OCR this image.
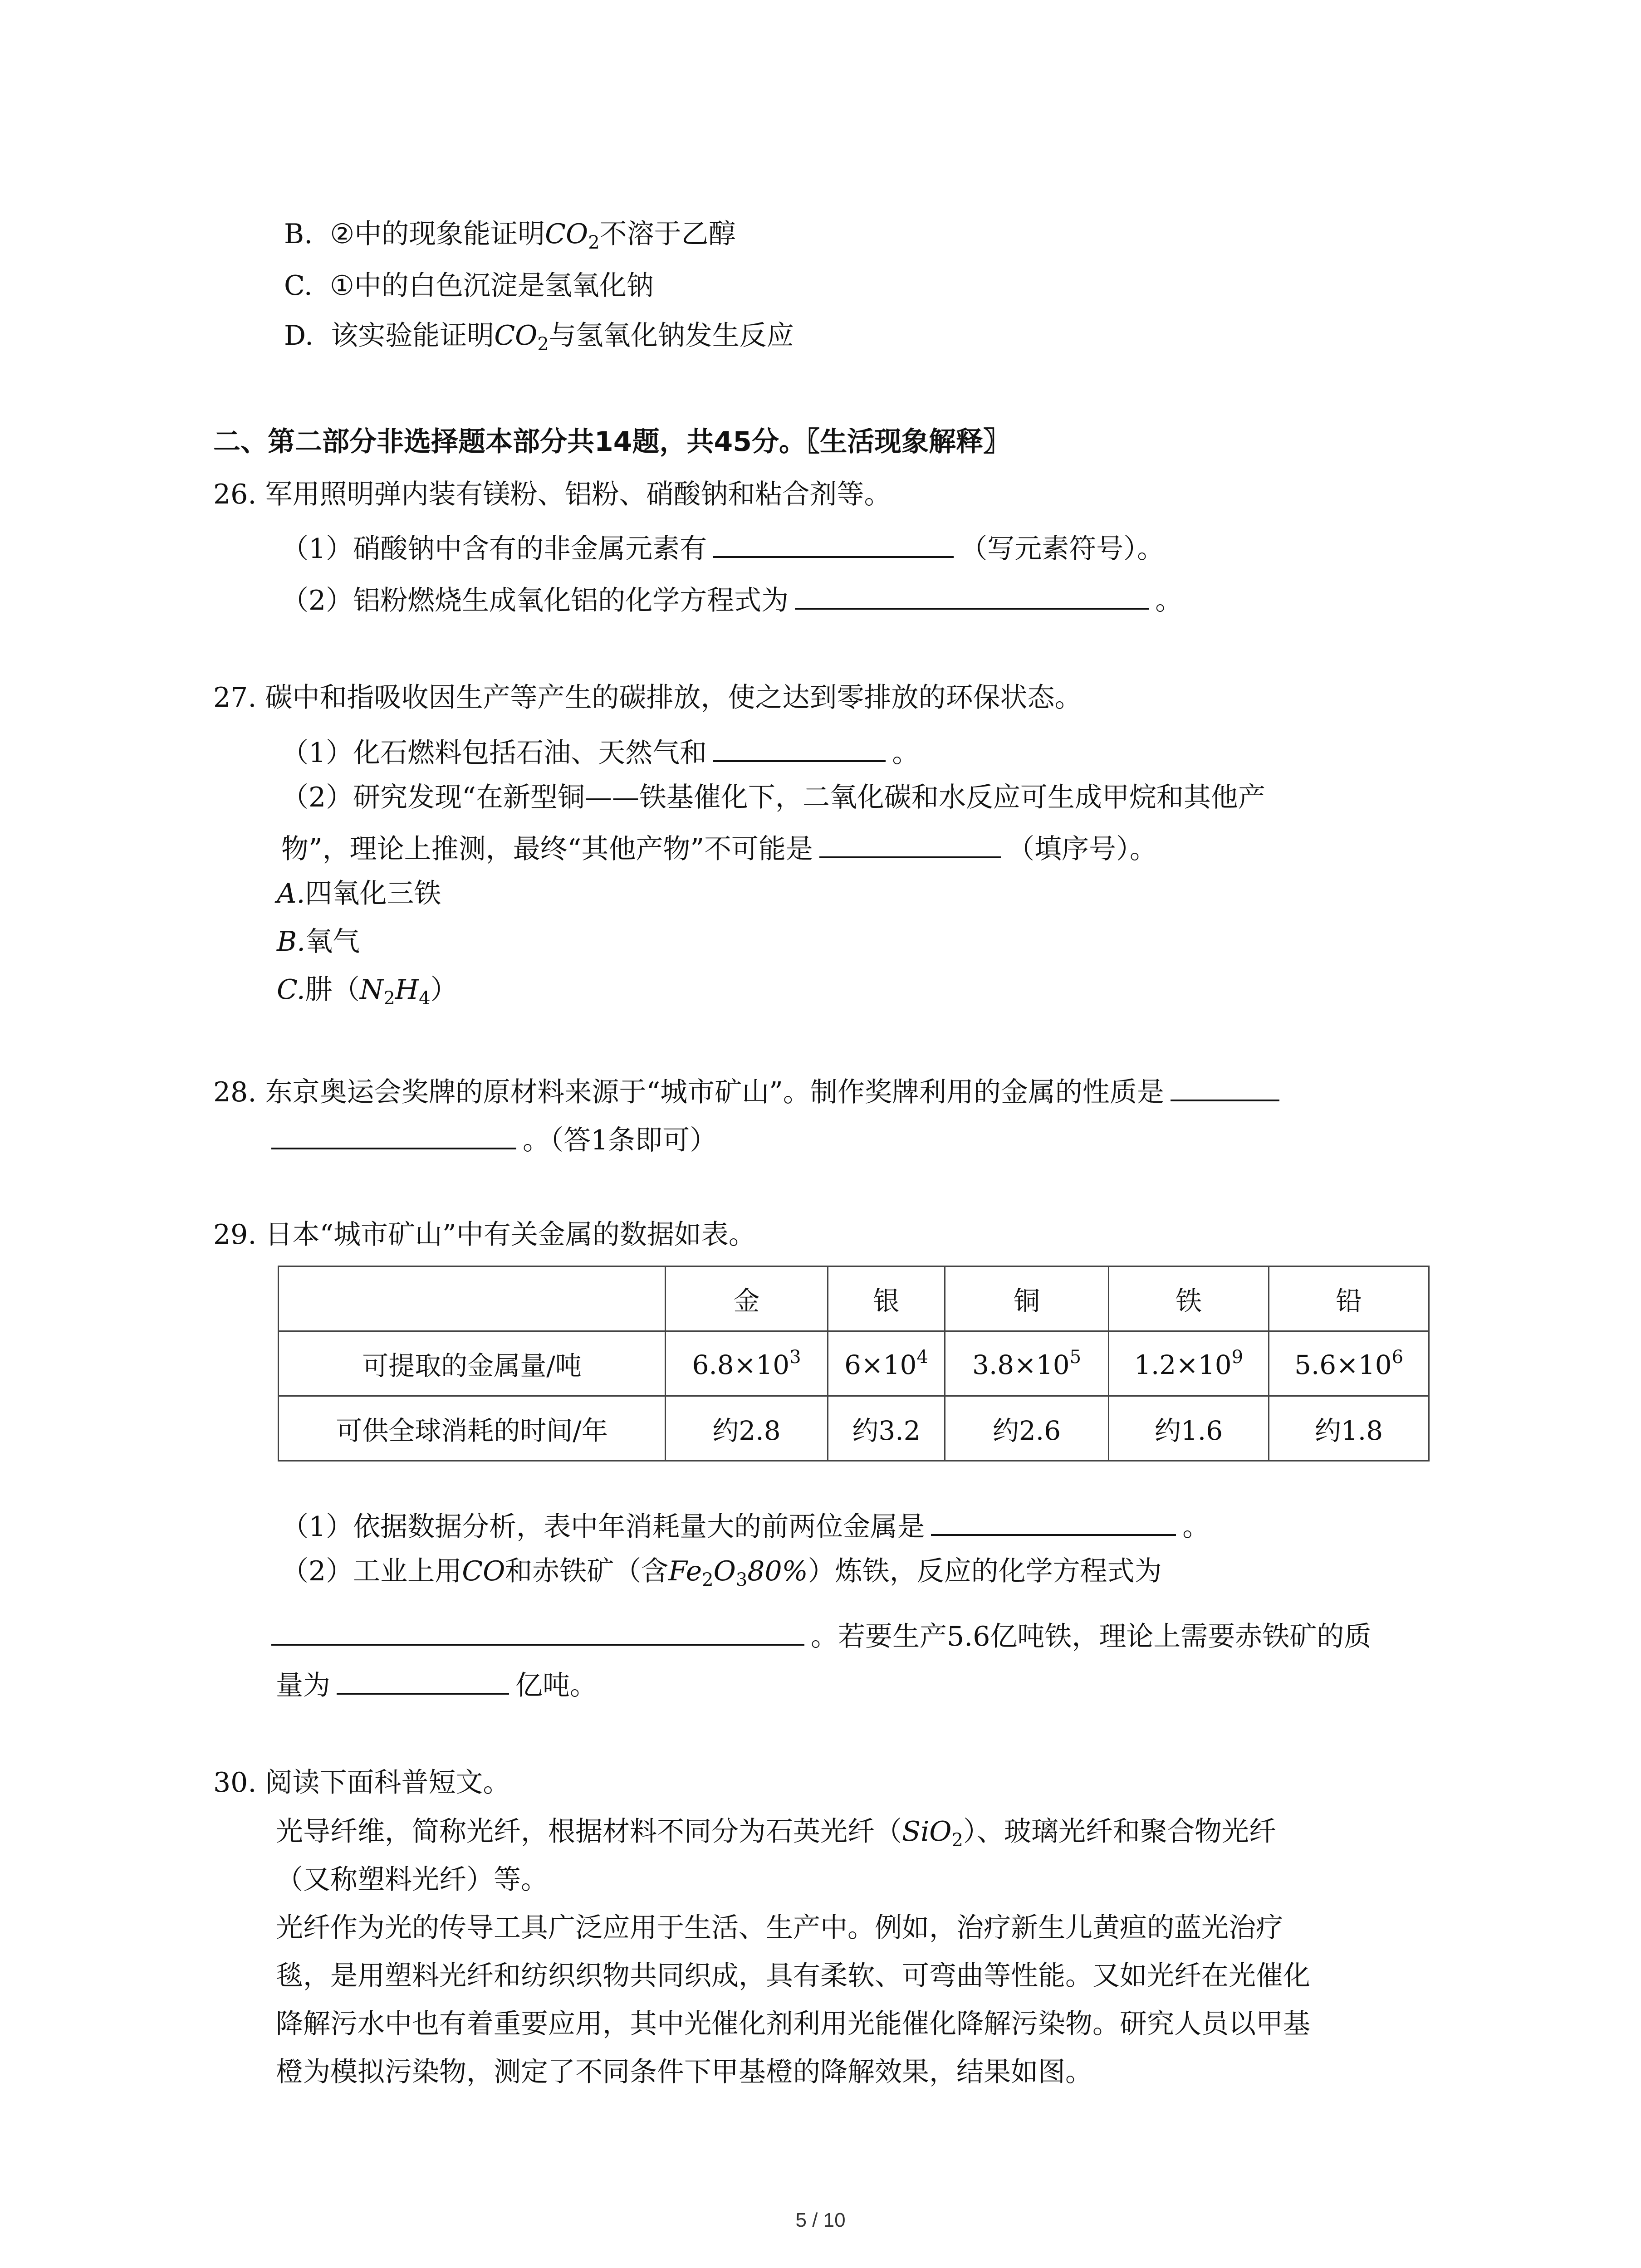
B. ②中的现象能证明$CO_2$不溶于乙醇
C. ①中的白色沉淀是氢氧化钠
D. 该实验能证明$CO_2$与氢氧化钠发生反应
二、第二部分非选择题本部分共14题，共45分。〖生活现象解释〗
26. 军用照明弹内装有镁粉、铝粉、硝酸钠和粘合剂等。
（1）硝酸钠中含有的非金属元素有	（写元素符号）。
（2）铝粉燃烧生成氧化铝的化学方程式为	。
27. 碳中和指吸收因生产等产生的碳排放，使之达到零排放的环保状态。
（1）化石燃料包括石油、天然气和	。
（2）研究发现“在新型铜——铁基催化下，二氧化碳和水反应可生成甲烷和其他产
物”，理论上推测，最终“其他产物”不可能是	（填序号）。
A.四氧化三铁
B.氧气
C.肼$(N_2H_4)$
28. 东京奥运会奖牌的原材料来源于“城市矿山”。制作奖牌利用的金属的性质是
。（答1条即可）
29. 日本“城市矿山”中有关金属的数据如表。
	金	银	铜	铁	铅
可提取的金属量/吨	$6.8\times 10^3$	$6\times 10^4$	$3.8\times 10^5$	$1.2\times 10^9$	$5.6\times 10^6$
可供全球消耗的时间/年	约2.8	约3.2	约2.6	约1.6	约1.8
（1）依据数据分析，表中年消耗量大的前两位金属是	。
（2）工业上用CO和赤铁矿（含$Fe_2O_380\%$）炼铁，反应的化学方程式为
。若要生产5.6亿吨铁，理论上需要赤铁矿的质
量为	亿吨。
30. 阅读下面科普短文。
光导纤维，简称光纤，根据材料不同分为石英光纤（SiO$_2$）、玻璃光纤和聚合物光纤
（又称塑料光纤）等。
光纤作为光的传导工具广泛应用于生活、生产中。例如，治疗新生儿黄疸的蓝光治疗
毯，是用塑料光纤和纺织织物共同织成，具有柔软、可弯曲等性能。又如光纤在光催化
降解污水中也有着重要应用，其中光催化剂利用光能催化降解污染物。研究人员以甲基
橙为模拟污染物，测定了不同条件下甲基橙的降解效果，结果如图。
5 / 10
